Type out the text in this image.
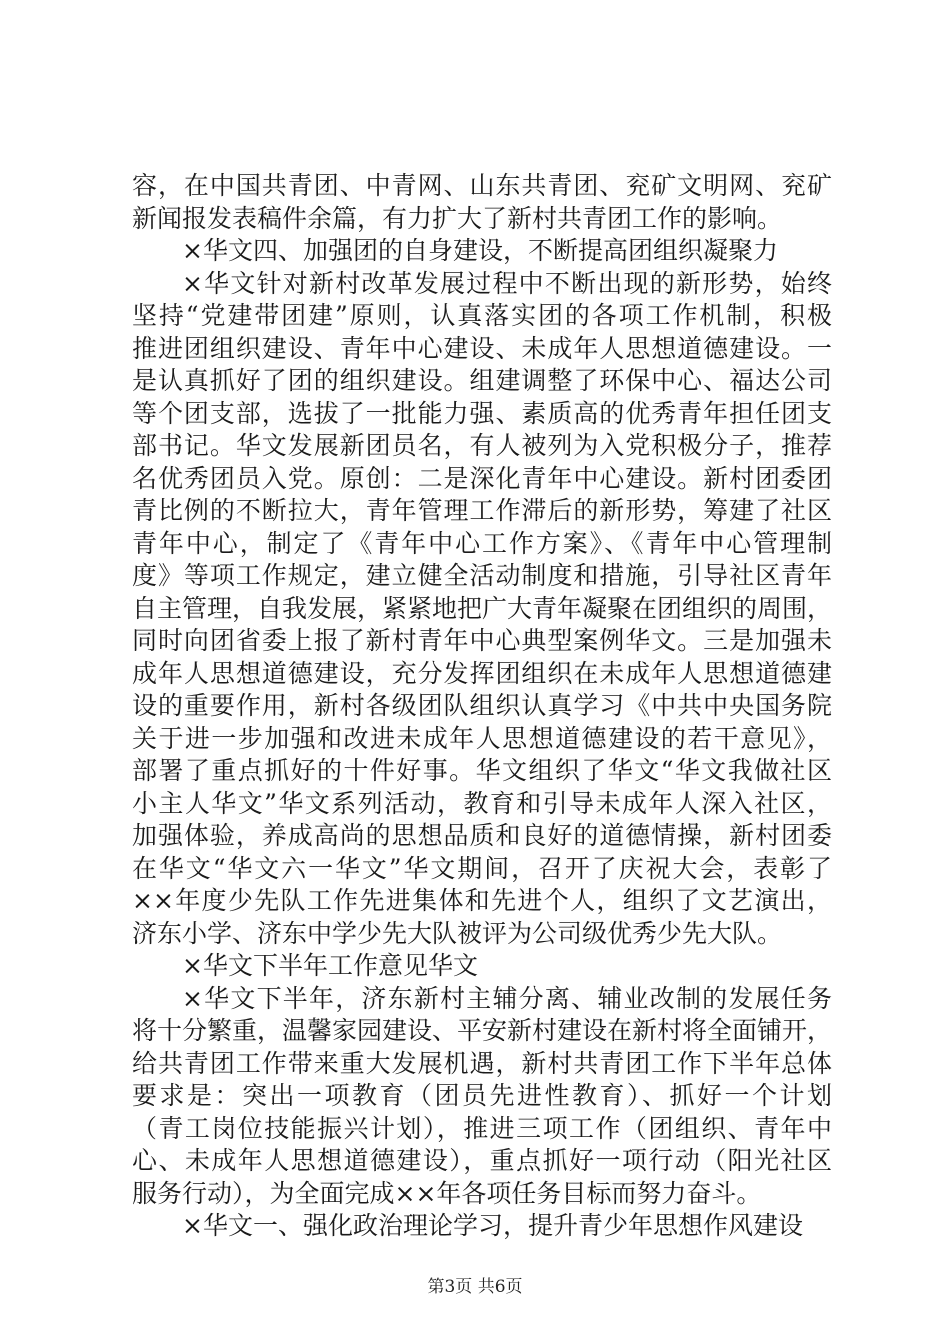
容，在中国共青团、中青网、山东共青团、兖矿文明网、兖矿
新闻报发表稿件余篇，有力扩大了新村共青团工作的影响。
×华文四、加强团的自身建设，不断提高团组织凝聚力
×华文针对新村改革发展过程中不断出现的新形势，始终
坚持“党建带团建”原则，认真落实团的各项工作机制，积极
推进团组织建设、青年中心建设、未成年人思想道德建设。一
是认真抓好了团的组织建设。组建调整了环保中心、福达公司
等个团支部，选拔了一批能力强、素质高的优秀青年担任团支
部书记。华文发展新团员名，有人被列为入党积极分子，推荐
名优秀团员入党。原创：二是深化青年中心建设。新村团委团
青比例的不断拉大，青年管理工作滞后的新形势，筹建了社区
青年中心，制定了《青年中心工作方案》、《青年中心管理制
度》等项工作规定，建立健全活动制度和措施，引导社区青年
自主管理，自我发展，紧紧地把广大青年凝聚在团组织的周围，
同时向团省委上报了新村青年中心典型案例华文。三是加强未
成年人思想道德建设，充分发挥团组织在未成年人思想道德建
设的重要作用，新村各级团队组织认真学习《中共中央国务院
关于进一步加强和改进未成年人思想道德建设的若干意见》，
部署了重点抓好的十件好事。华文组织了华文“华文我做社区
小主人华文”华文系列活动，教育和引导未成年人深入社区，
加强体验，养成高尚的思想品质和良好的道德情操，新村团委
在华文“华文六一华文”华文期间，召开了庆祝大会，表彰了
××年度少先队工作先进集体和先进个人，组织了文艺演出，
济东小学、济东中学少先大队被评为公司级优秀少先大队。
×华文下半年工作意见华文
×华文下半年，济东新村主辅分离、辅业改制的发展任务
将十分繁重，温馨家园建设、平安新村建设在新村将全面铺开，
给共青团工作带来重大发展机遇，新村共青团工作下半年总体
要求是：突出一项教育（团员先进性教育）、抓好一个计划
（青工岗位技能振兴计划），推进三项工作（团组织、青年中
心、未成年人思想道德建设），重点抓好一项行动（阳光社区
服务行动），为全面完成××年各项任务目标而努力奋斗。
×华文一、强化政治理论学习，提升青少年思想作风建设
第3页 共6页
